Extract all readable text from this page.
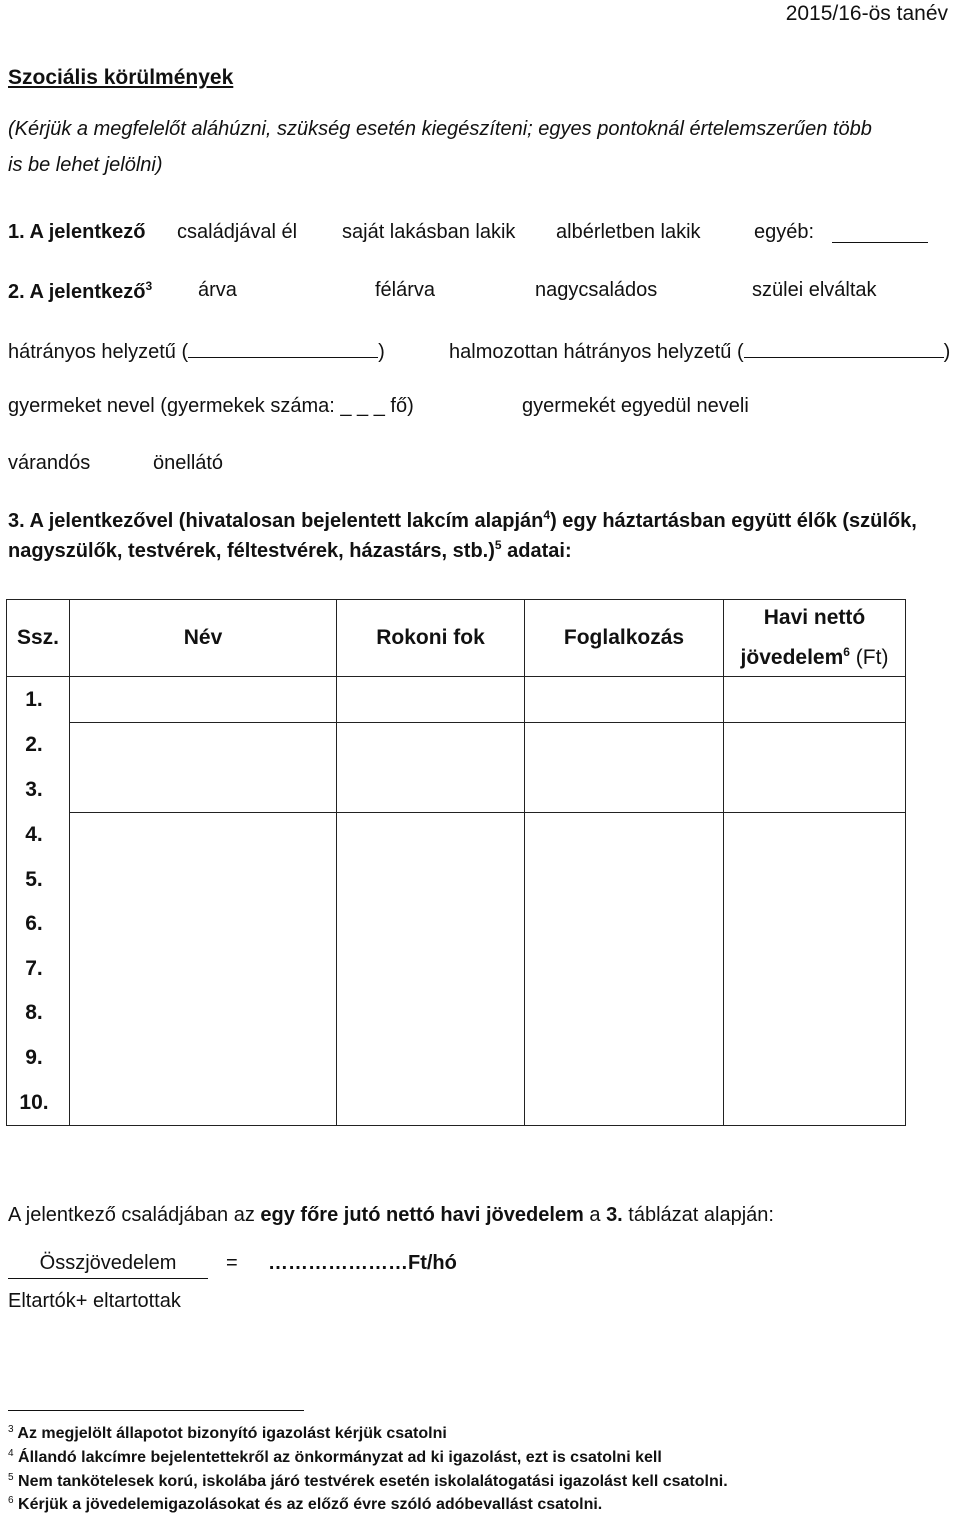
2015/16-ös tanév
Szociális körülmények
(Kérjük a megfelelőt aláhúzni, szükség esetén kiegészíteni; egyes pontoknál értelemszerűen több
is be lehet jelölni)
1. A jelentkező családjával él saját lakásban lakik albérletben lakik	egyéb:
2. A jelentkező$^3$ árva	félárva	nagycsaládos	szülei elváltak
hátrányos helyzetű (	)	halmozottan hátrányos helyzetű (	)
gyermeket nevel (gyermekek száma: _ _ _ fő)	gyermekét egyedül neveli
várandós	önellátó
3. A jelentkezővel (hivatalosan bejelentett lakcím alapján$^4$) egy háztartásban együtt élők (szülők,
nagyszülők, testvérek, féltestvérek, házastárs, stb.)$^5$ adatai:
Ssz.	Név	Rokoni fok	Foglalkozás	Havi nettó
jövedelem$^6$ (Ft)
1.				
2.				
3.				
4.				
5.				
6.				
7.				
8.				
9.				
10.				
A jelentkező családjában az egy főre jutó nettó havi jövedelem a 3. táblázat alapján:
Összjövedelem	= …………………Ft/hó
Eltartók+ eltartottak
$^3$ Az megjelölt állapotot bizonyító igazolást kérjük csatolni
$^4$ Állandó lakcímre bejelentettekről az önkormányzat ad ki igazolást, ezt is csatolni kell
$^5$ Nem tankötelesek korú, iskolába járó testvérek esetén iskolalátogatási igazolást kell csatolni.
$^6$ Kérjük a jövedelemigazolásokat és az előző évre szóló adóbevallást csatolni.
